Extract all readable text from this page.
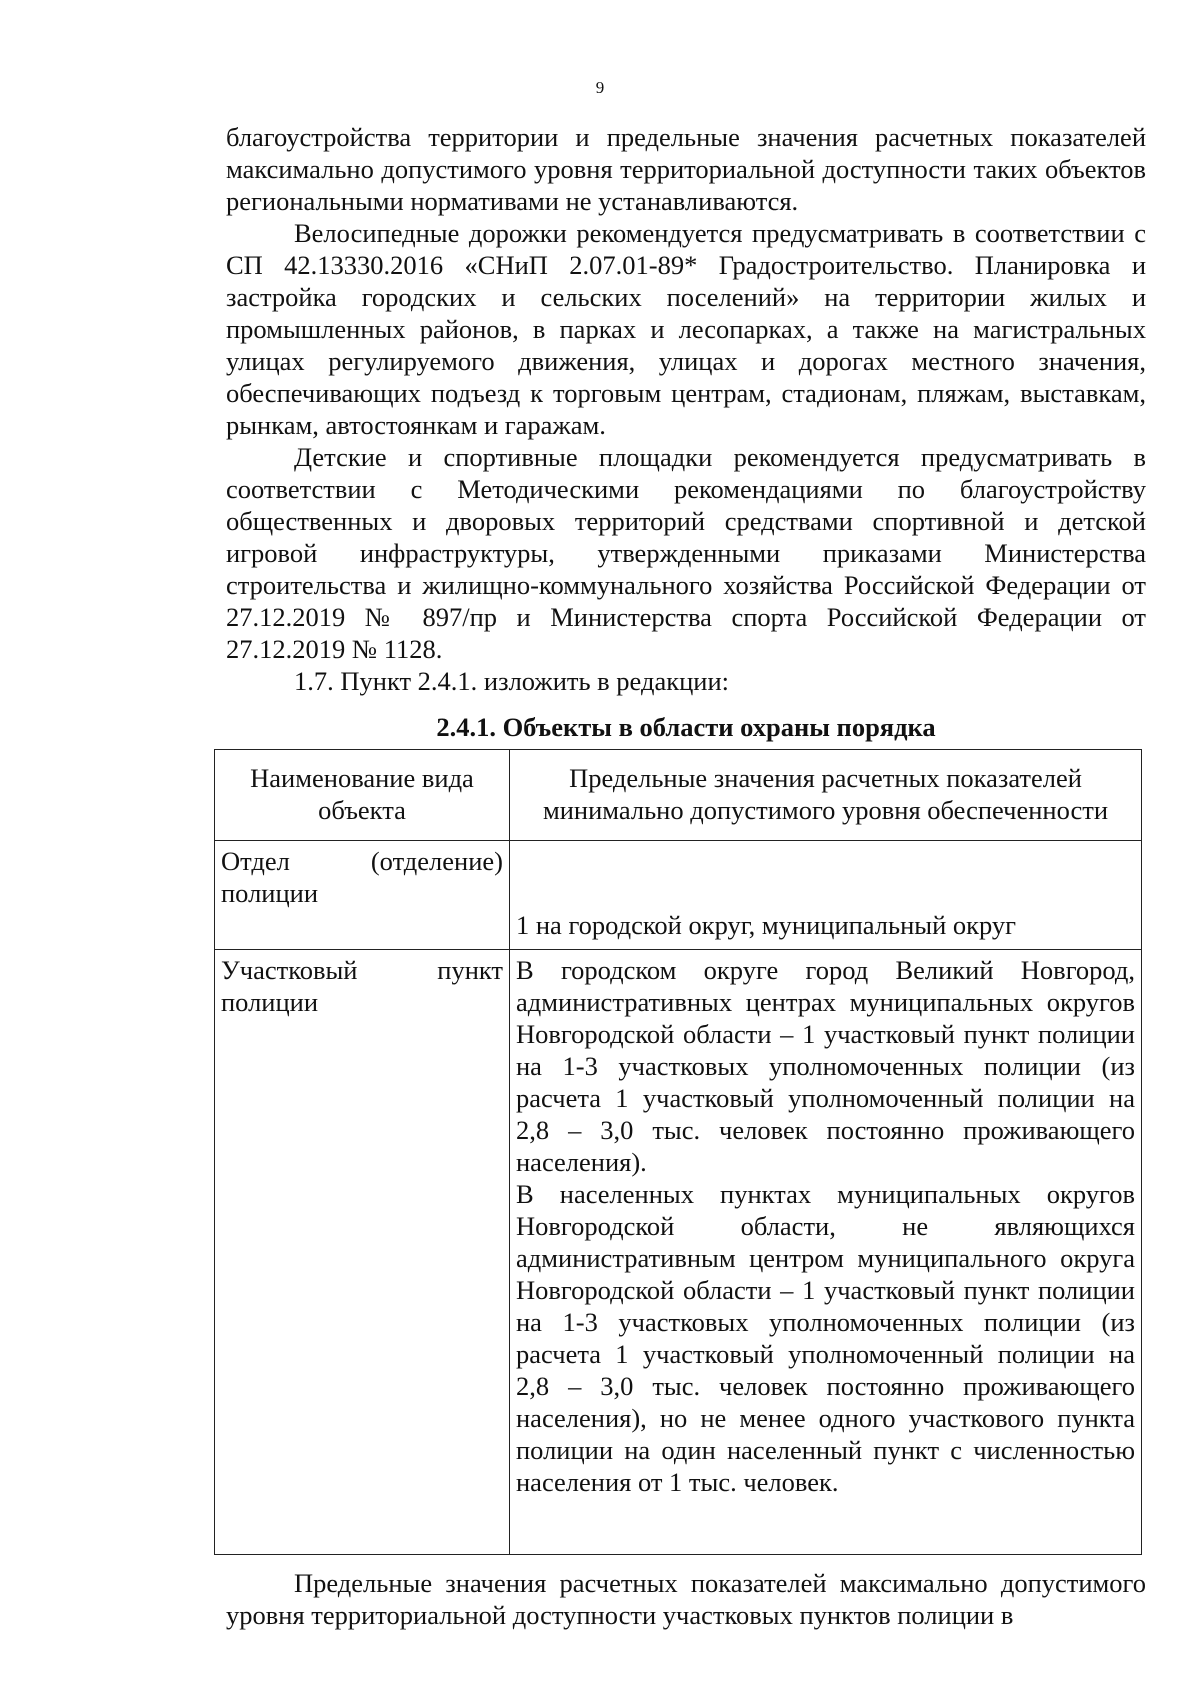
9

благоустройства территории и предельные значения расчетных показателей максимально допустимого уровня территориальной доступности таких объектов региональными нормативами не устанавливаются.

Велосипедные дорожки рекомендуется предусматривать в соответствии с СП 42.13330.2016 «СНиП 2.07.01-89* Градостроительство. Планировка и застройка городских и сельских поселений» на территории жилых и промышленных районов, в парках и лесопарках, а также на магистральных улицах регулируемого движения, улицах и дорогах местного значения, обеспечивающих подъезд к торговым центрам, стадионам, пляжам, выставкам, рынкам, автостоянкам и гаражам.

Детские и спортивные площадки рекомендуется предусматривать в соответствии с Методическими рекомендациями по благоустройству общественных и дворовых территорий средствами спортивной и детской игровой инфраструктуры, утвержденными приказами Министерства строительства и жилищно-коммунального хозяйства Российской Федерации от 27.12.2019 № 897/пр и Министерства спорта Российской Федерации от 27.12.2019 № 1128.

1.7. Пункт 2.4.1. изложить в редакции:

2.4.1. Объекты в области охраны порядка

Наименование вида объекта	Предельные значения расчетных показателей минимально допустимого уровня обеспеченности
Отдел (отделение) полиции	1 на городской округ, муниципальный округ

Участковый пункт полиции	В городском округе город Великий Новгород, административных центрах муниципальных округов Новгородской области – 1 участковый пункт полиции на 1-3 участковых уполномоченных полиции (из расчета 1 участковый уполномоченный полиции на 2,8 – 3,0 тыс. человек постоянно проживающего населения).

В населенных пунктах муниципальных округов Новгородской области, не являющихся административным центром муниципального округа Новгородской области – 1 участковый пункт полиции на 1-3 участковых уполномоченных полиции (из расчета 1 участковый уполномоченный полиции на 2,8 – 3,0 тыс. человек постоянно проживающего населения), но не менее одного участкового пункта полиции на один населенный пункт с численностью населения от 1 тыс. человек.

Предельные значения расчетных показателей максимально допустимого уровня территориальной доступности участковых пунктов полиции в
